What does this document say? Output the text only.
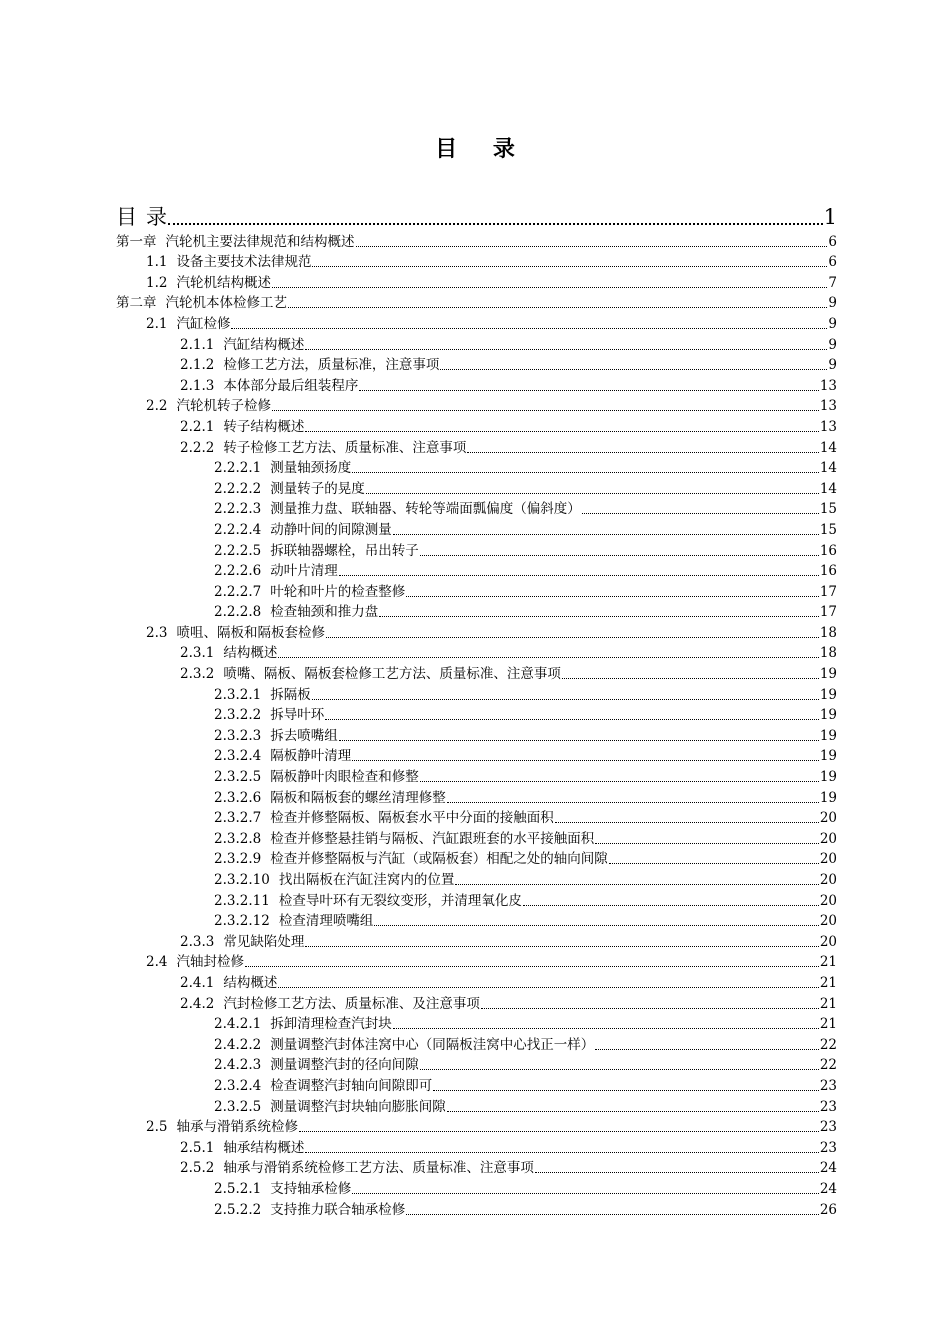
目 录
目 录	1
第一章 汽轮机主要法律规范和结构概述	6
1.1 设备主要技术法律规范	6
1.2 汽轮机结构概述	7
第二章 汽轮机本体检修工艺	9
2.1 汽缸检修	9
2.1.1 汽缸结构概述	9
2.1.2 检修工艺方法，质量标准，注意事项	9
2.1.3 本体部分最后组装程序	13
2.2 汽轮机转子检修	13
2.2.1 转子结构概述	13
2.2.2 转子检修工艺方法、质量标准、注意事项	14
2.2.2.1 测量轴颈扬度	14
2.2.2.2 测量转子的晃度	14
2.2.2.3 测量推力盘、联轴器、转轮等端面瓢偏度（偏斜度）	15
2.2.2.4 动静叶间的间隙测量	15
2.2.2.5 拆联轴器螺栓，吊出转子	16
2.2.2.6 动叶片清理	16
2.2.2.7 叶轮和叶片的检查整修	17
2.2.2.8 检查轴颈和推力盘	17
2.3 喷咀、隔板和隔板套检修	18
2.3.1 结构概述	18
2.3.2 喷嘴、隔板、隔板套检修工艺方法、质量标准、注意事项	19
2.3.2.1 拆隔板	19
2.3.2.2 拆导叶环	19
2.3.2.3 拆去喷嘴组	19
2.3.2.4 隔板静叶清理	19
2.3.2.5 隔板静叶肉眼检查和修整	19
2.3.2.6 隔板和隔板套的螺丝清理修整	19
2.3.2.7 检查并修整隔板、隔板套水平中分面的接触面积	20
2.3.2.8 检查并修整悬挂销与隔板、汽缸跟班套的水平接触面积	20
2.3.2.9 检查并修整隔板与汽缸（或隔板套）相配之处的轴向间隙	20
2.3.2.10 找出隔板在汽缸洼窝内的位置	20
2.3.2.11 检查导叶环有无裂纹变形，并清理氧化皮	20
2.3.2.12 检查清理喷嘴组	20
2.3.3 常见缺陷处理	20
2.4 汽轴封检修	21
2.4.1 结构概述	21
2.4.2 汽封检修工艺方法、质量标准、及注意事项	21
2.4.2.1 拆卸清理检查汽封块	21
2.4.2.2 测量调整汽封体洼窝中心（同隔板洼窝中心找正一样）	22
2.4.2.3 测量调整汽封的径向间隙	22
2.3.2.4 检查调整汽封轴向间隙即可	23
2.3.2.5 测量调整汽封块轴向膨胀间隙	23
2.5 轴承与滑销系统检修	23
2.5.1 轴承结构概述	23
2.5.2 轴承与滑销系统检修工艺方法、质量标准、注意事项	24
2.5.2.1 支持轴承检修	24
2.5.2.2 支持推力联合轴承检修	26
